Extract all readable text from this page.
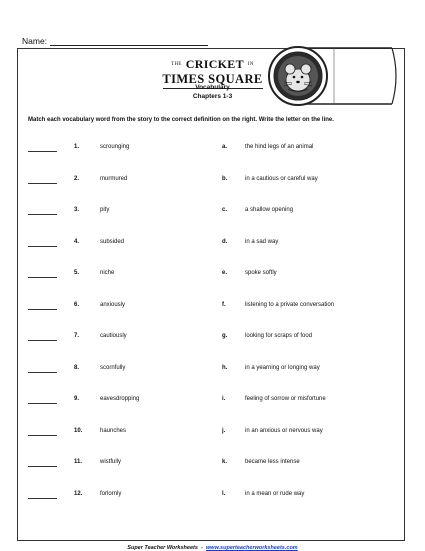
Name:
THE CRICKET IN
TIMES SQUARE
Vocabulary
Chapters 1-3
Match each vocabulary word from the story to the correct definition on the right. Write the letter on the line.
1.	scrounging	a.	the hind legs of an animal
2.	murmured	b.	in a cautious or careful way
3.	pity	c.	a shallow opening
4.	subsided	d.	in a sad way
5.	niche	e.	spoke softly
6.	anxiously	f.	listening to a private conversation
7.	cautiously	g.	looking for scraps of food
8.	scornfully	h.	in a yearning or longing way
9.	eavesdropping	i.	feeling of sorrow or misfortune
10.	haunches	j.	in an anxious or nervous way
11.	wistfully	k.	became less intense
12.	forlornly	l.	in a mean or rude way
Super Teacher Worksheets - www.superteacherworksheets.com
